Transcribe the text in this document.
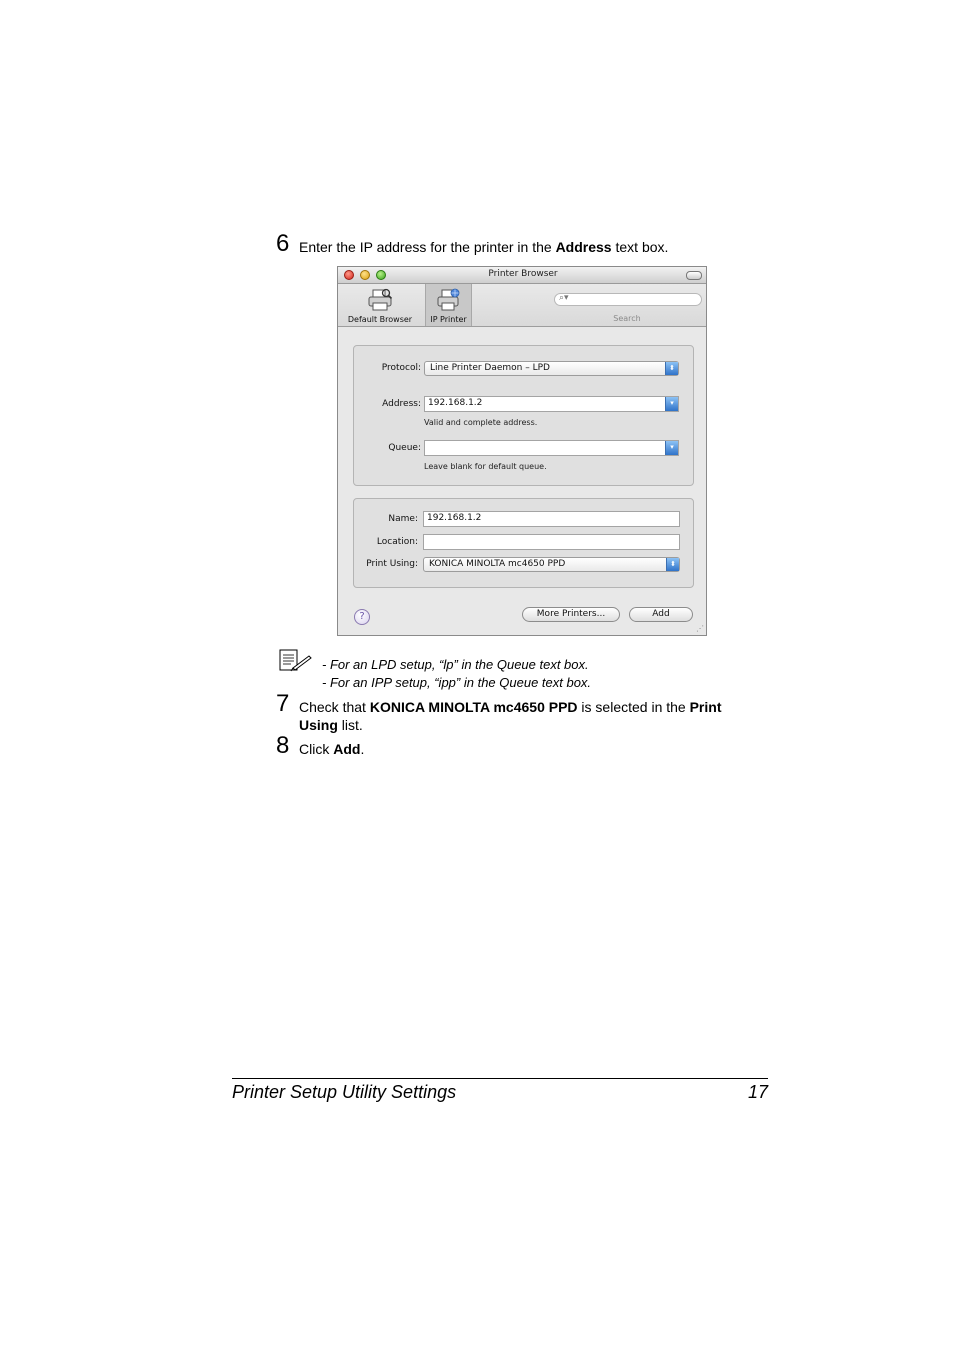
6 Enter the IP address for the printer in the Address text box.
Printer Browser
Default Browser	IP Printer
⌕▾
Search
Protocol:	Line Printer Daemon – LPD	⬍
Address: 192.168.1.2	▾
Valid and complete address.
Queue:	▾
Leave blank for default queue.
Name:	192.168.1.2
Location:
Print Using:	KONICA MINOLTA mc4650 PPD	⬍
?	More Printers...	Add
⋰
- For an LPD setup, “lp” in the Queue text box.
- For an IPP setup, “ipp” in the Queue text box.
7 Check that KONICA MINOLTA mc4650 PPD is selected in the Print
Using list.
8 Click Add.
Printer Setup Utility Settings	17
